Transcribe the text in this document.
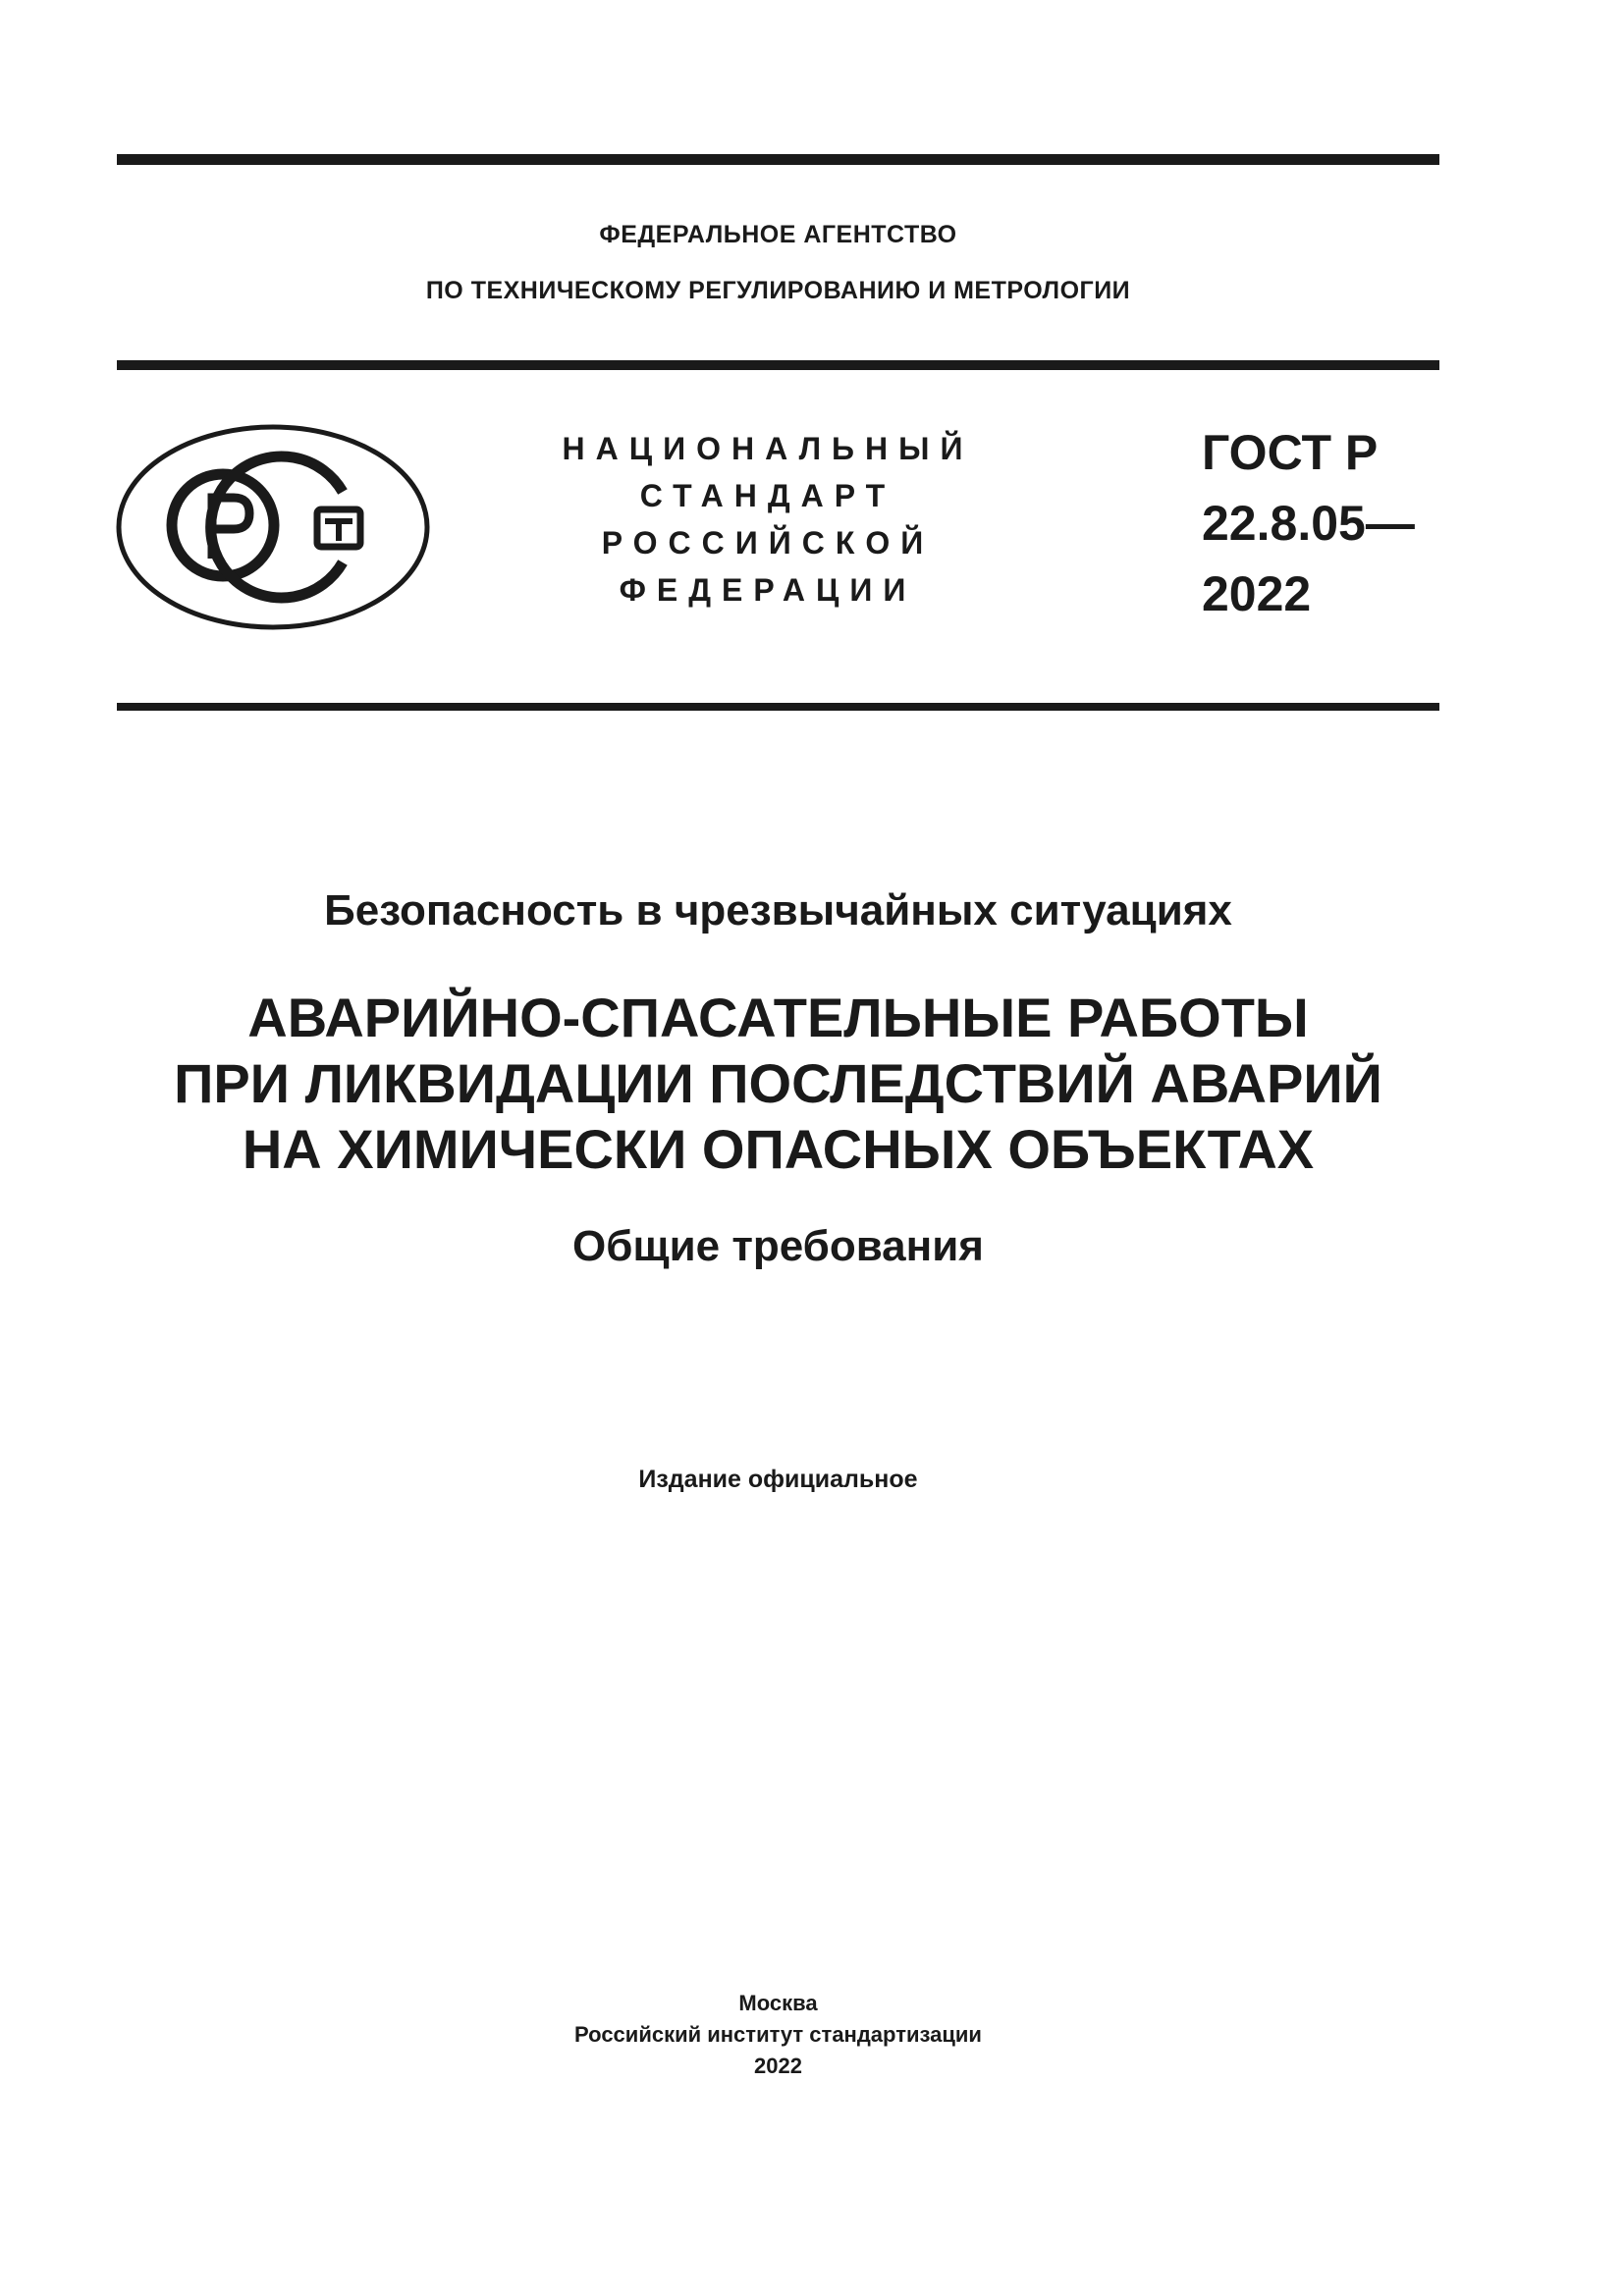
ФЕДЕРАЛЬНОЕ АГЕНТСТВО
ПО ТЕХНИЧЕСКОМУ РЕГУЛИРОВАНИЮ И МЕТРОЛОГИИ
НАЦИОНАЛЬНЫЙ
СТАНДАРТ
РОССИЙСКОЙ
ФЕДЕРАЦИИ
ГОСТ Р
22.8.05—
2022
Безопасность в чрезвычайных ситуациях
АВАРИЙНО-СПАСАТЕЛЬНЫЕ РАБОТЫ
ПРИ ЛИКВИДАЦИИ ПОСЛЕДСТВИЙ АВАРИЙ
НА ХИМИЧЕСКИ ОПАСНЫХ ОБЪЕКТАХ
Общие требования
Издание официальное
Москва
Российский институт стандартизации
2022
